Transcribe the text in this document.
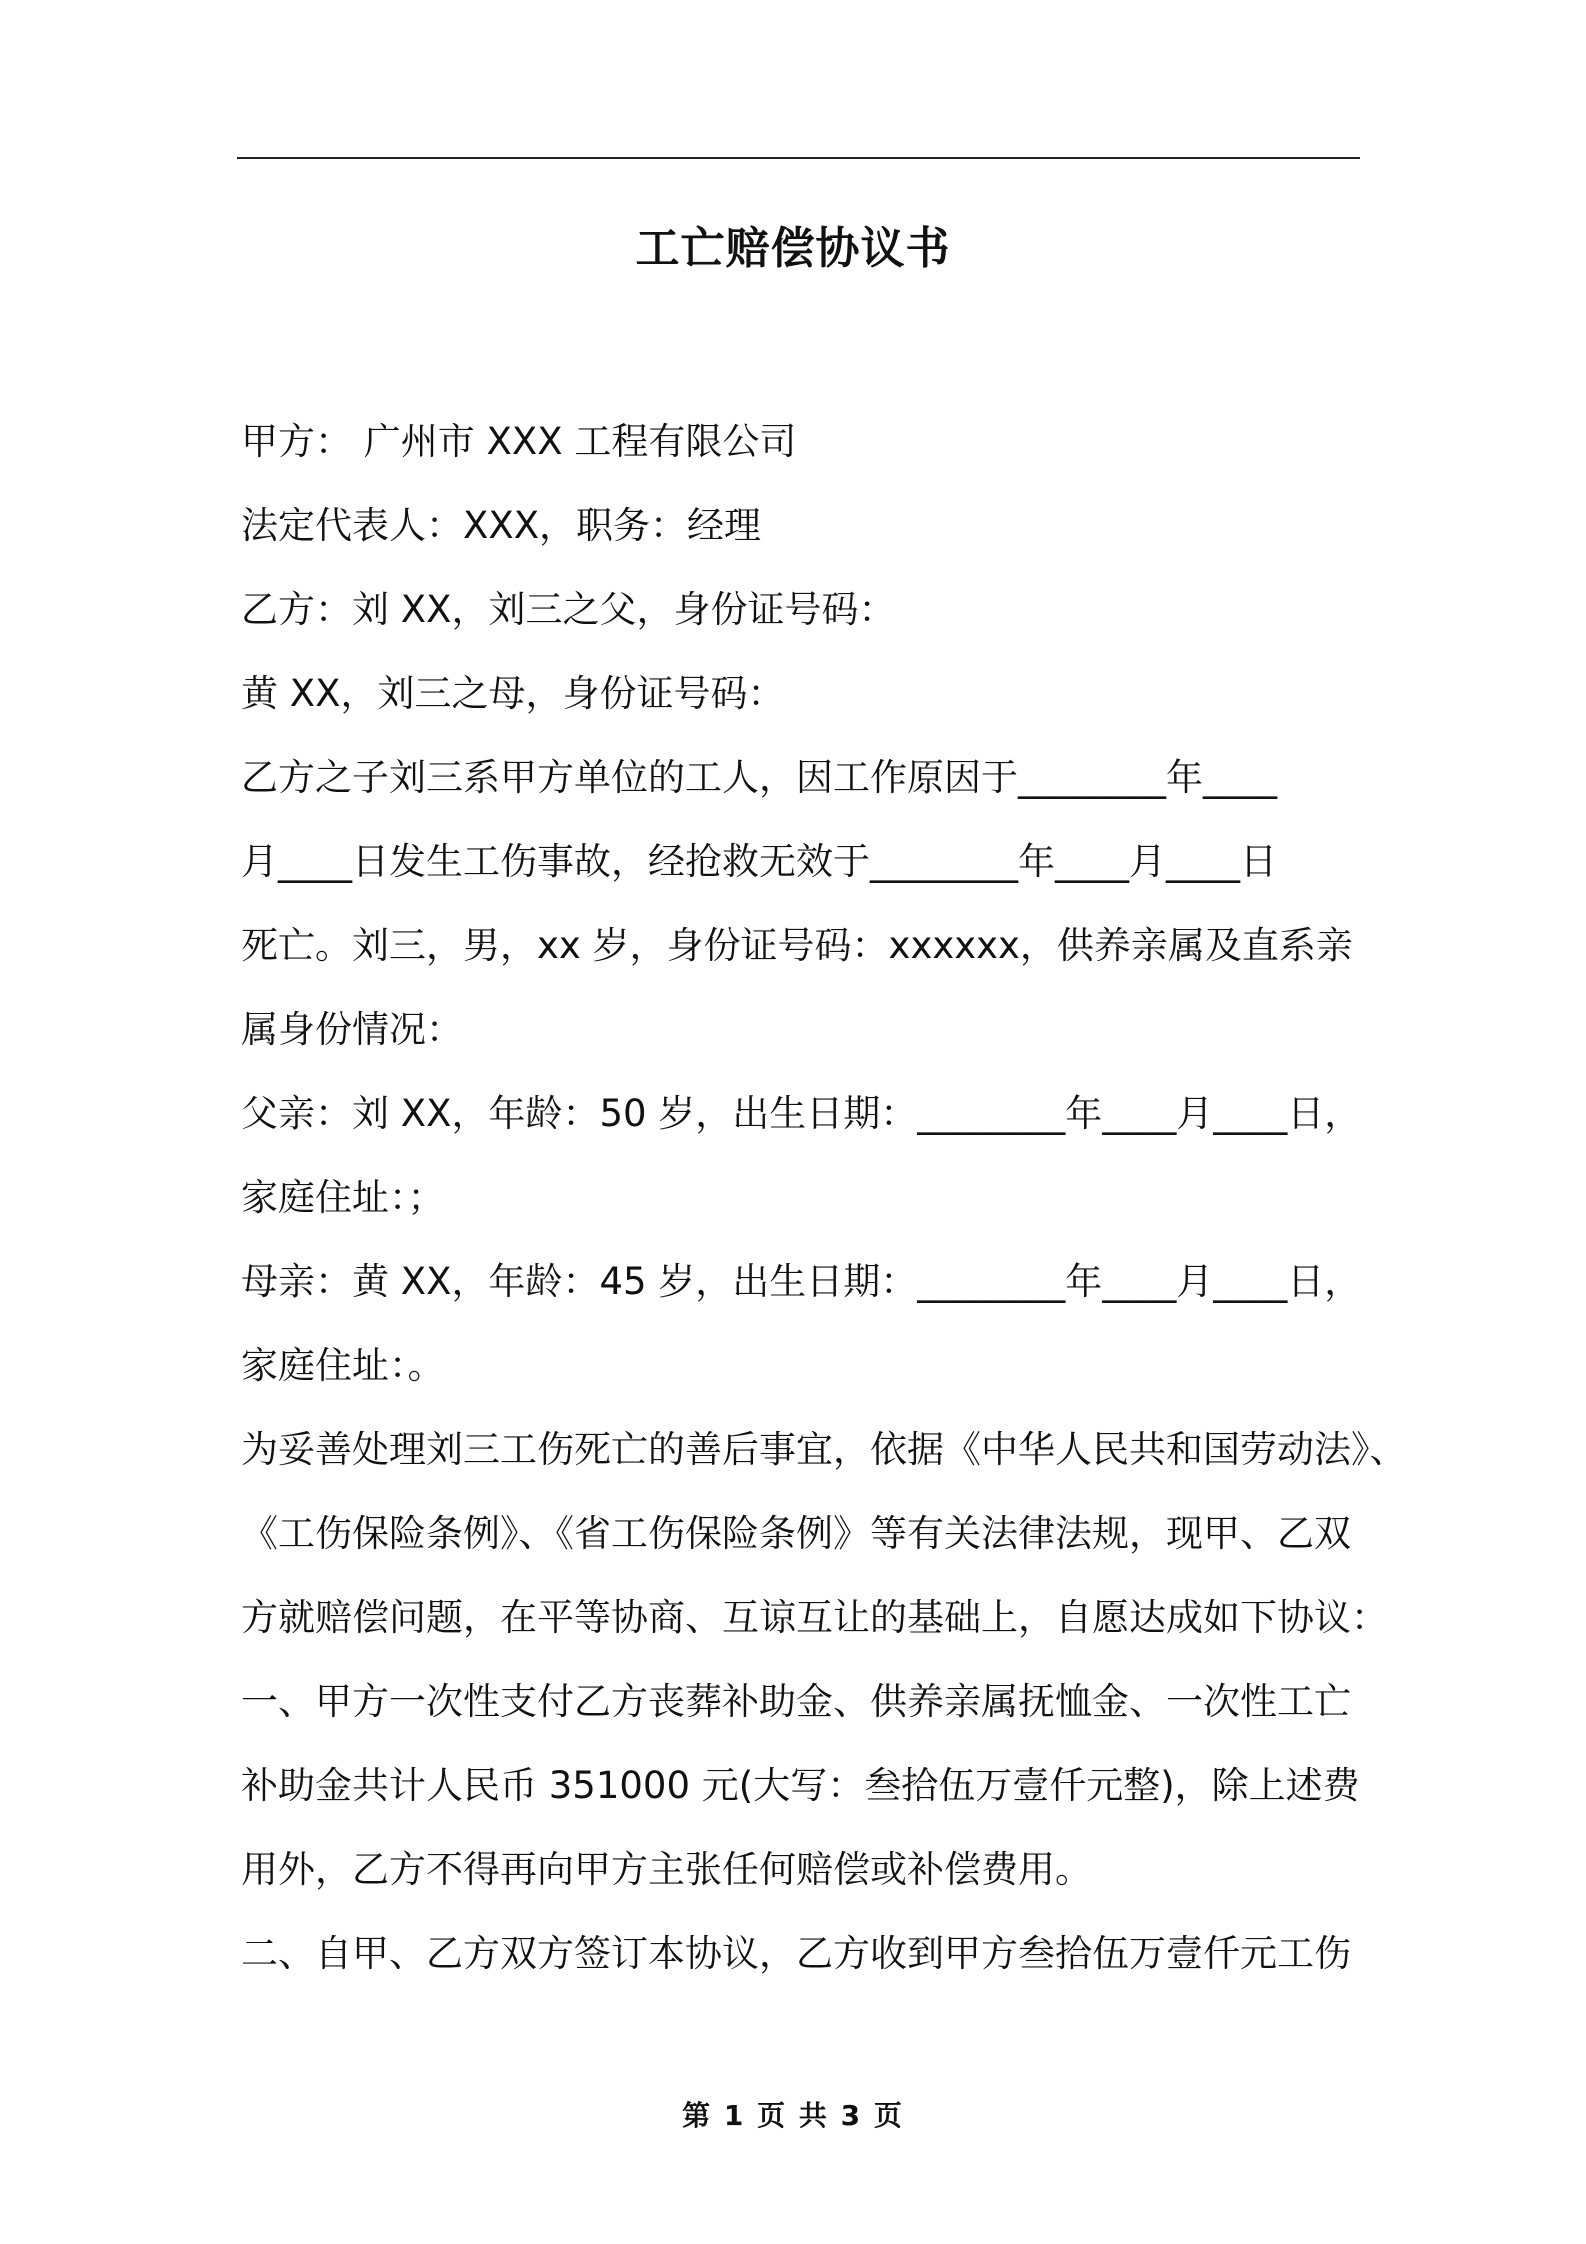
工亡赔偿协议书
甲方： 广州市 XXX 工程有限公司
法定代表人：XXX，职务：经理
乙方：刘 XX，刘三之父，身份证号码：
黄 XX，刘三之母，身份证号码：
乙方之子刘三系甲方单位的工人，因工作原因于________年____
月____日发生工伤事故，经抢救无效于________年____月____日
死亡。刘三，男，xx 岁，身份证号码：xxxxxx，供养亲属及直系亲
属身份情况：
父亲：刘 XX，年龄：50 岁，出生日期：________年____月____日，
家庭住址：；
母亲：黄 XX，年龄：45 岁，出生日期：________年____月____日，
家庭住址：。
为妥善处理刘三工伤死亡的善后事宜，依据《中华人民共和国劳动法》、
《工伤保险条例》、《省工伤保险条例》等有关法律法规，现甲、乙双
方就赔偿问题，在平等协商、互谅互让的基础上，自愿达成如下协议：
一、甲方一次性支付乙方丧葬补助金、供养亲属抚恤金、一次性工亡
补助金共计人民币 351000 元(大写：叁拾伍万壹仟元整)，除上述费
用外，乙方不得再向甲方主张任何赔偿或补偿费用。
二、自甲、乙方双方签订本协议，乙方收到甲方叁拾伍万壹仟元工伤
第 1 页 共 3 页
